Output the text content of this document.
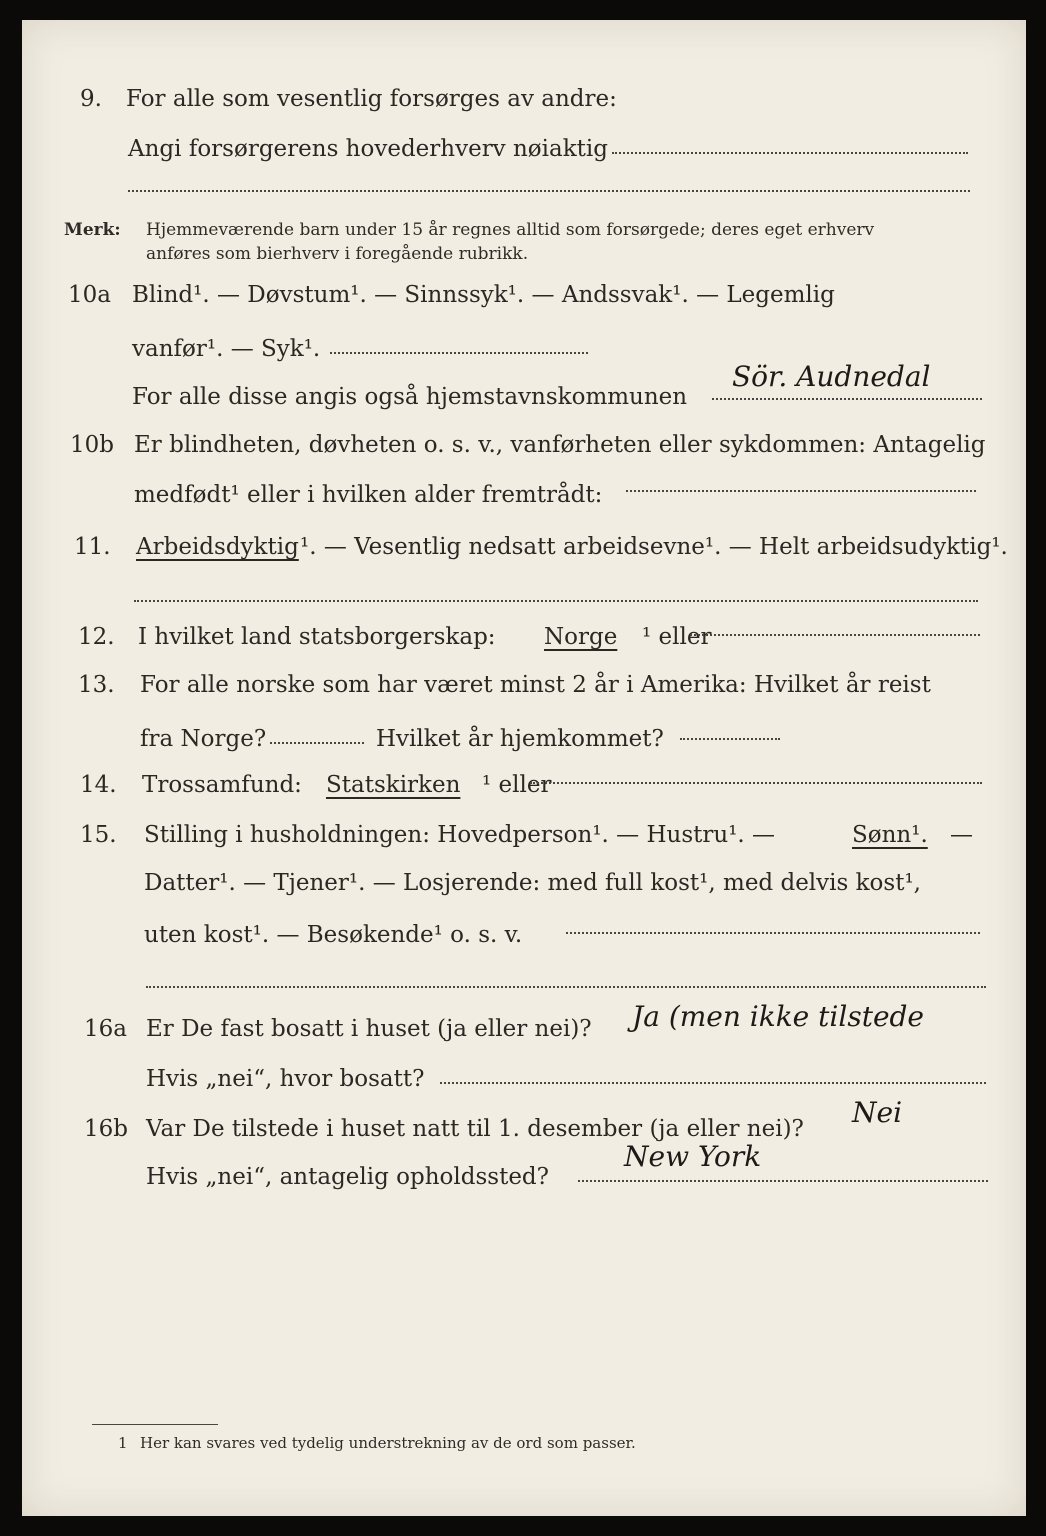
9. For alle som vesentlig forsørges av andre:
Angi forsørgerens hovederhverv nøiaktig
Merk: Hjemmeværende barn under 15 år regnes alltid som forsørgede; deres eget erhverv
anføres som bierhverv i foregående rubrikk.
10a Blind¹. — Døvstum¹. — Sinnssyk¹. — Andssvak¹. — Legemlig
vanfør¹. — Syk¹.
For alle disse angis også hjemstavnskommunen
Sör. Audnedal
10b Er blindheten, døvheten o. s. v., vanførheten eller sykdommen: Antagelig
medfødt¹ eller i hvilken alder fremtrådt:
11. Arbeidsdyktig ¹. — Vesentlig nedsatt arbeidsevne¹. — Helt arbeidsudyktig¹.
12. I hvilket land statsborgerskap: Norge ¹ eller
13. For alle norske som har været minst 2 år i Amerika: Hvilket år reist
fra Norge?	Hvilket år hjemkommet?
14. Trossamfund: Statskirken ¹ eller
15. Stilling i husholdningen: Hovedperson¹. — Hustru¹. —	Sønn¹. —
Datter¹. — Tjener¹. — Losjerende: med full kost¹, med delvis kost¹,
uten kost¹. — Besøkende¹ o. s. v.
16a Er De fast bosatt i huset (ja eller nei)? Ja (men ikke tilstede
Hvis „nei“, hvor bosatt?
16b Var De tilstede i huset natt til 1. desember (ja eller nei)? Nei
Hvis „nei“, antagelig opholdssted?
New York
1 Her kan svares ved tydelig understrekning av de ord som passer.
